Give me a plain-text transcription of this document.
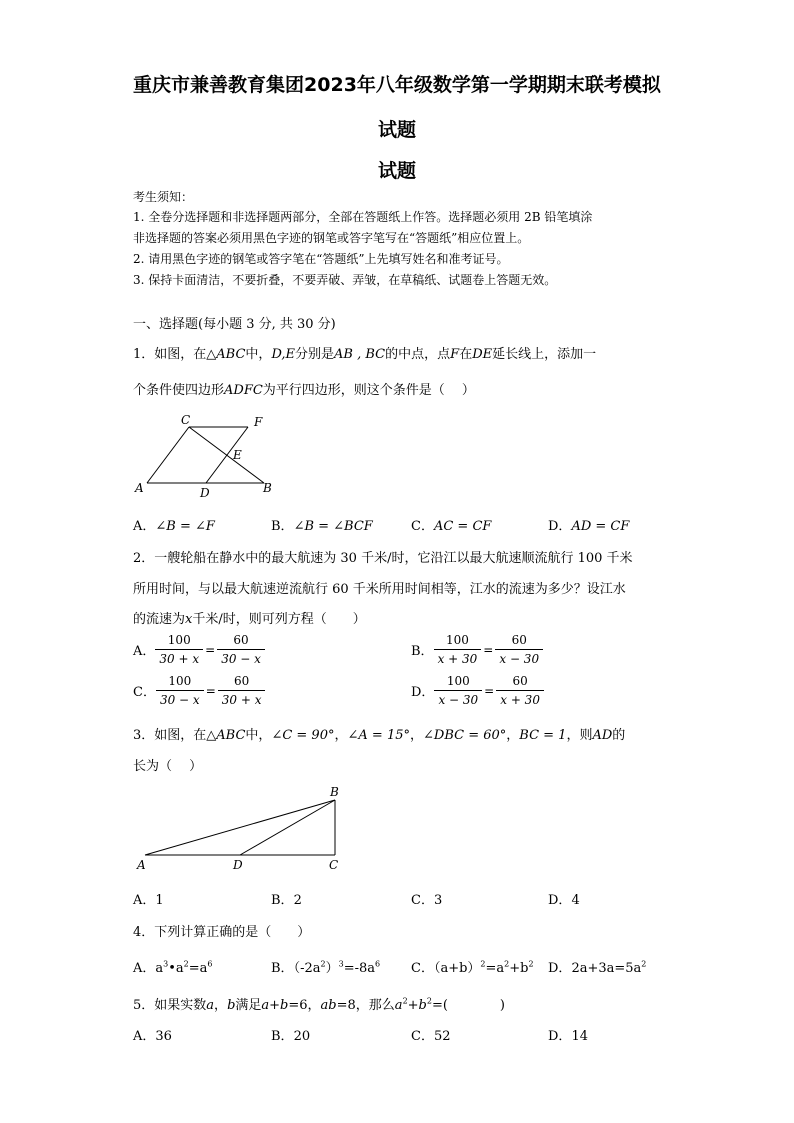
重庆市兼善教育集团2023年八年级数学第一学期期末联考模拟
试题
试题
考生须知：
1. 全卷分选择题和非选择题两部分，全部在答题纸上作答。选择题必须用 2B 铅笔填涂
非选择题的答案必须用黑色字迹的钢笔或答字笔写在“答题纸”相应位置上。
2. 请用黑色字迹的钢笔或答字笔在“答题纸”上先填写姓名和准考证号。
3. 保持卡面清洁，不要折叠，不要弄破、弄皱，在草稿纸、试题卷上答题无效。
一、选择题(每小题 3 分, 共 30 分)
1．如图，在△ABC中，D,E分别是AB , BC的中点，点F在DE延长线上，添加一
个条件使四边形ADFC为平行四边形，则这个条件是（　 ）
A	B
C
D
E
F
A．∠B = ∠F	B．∠B = ∠BCF	C．AC = CF	D．AD = CF
2．一艘轮船在静水中的最大航速为 30 千米/时，它沿江以最大航速顺流航行 100 千米
所用时间，与以最大航速逆流航行 60 千米所用时间相等，江水的流速为多少？设江水
的流速为x千米/时，则可列方程（　　）
A． $\frac{100}{30 + x} = \frac{60}{30 - x}$	B． $\frac{100}{x + 30} = \frac{60}{x - 30}$
C． $\frac{100}{30 - x} = \frac{60}{30 + x}$	D． $\frac{100}{x - 30} = \frac{60}{x + 30}$
3．如图，在△ABC中，∠C = 90°，∠A = 15°，∠DBC = 60°，BC = 1，则AD的
长为（　 ）
A
B
C
D
A．1	B．2	C．3	D．4
4．下列计算正确的是（　　）
A．$a^3•a^2=a^6$	B．$(-2a^2)^3=-8a^6$ C．$(a+b)^2=a^2+b^2$ D．$2a+3a=5a^2$
5．如果实数a，b满足a+b=6，ab=8，那么$a^2+b^2=$(　　　　)
A．36	B．20	C．52	D．14
